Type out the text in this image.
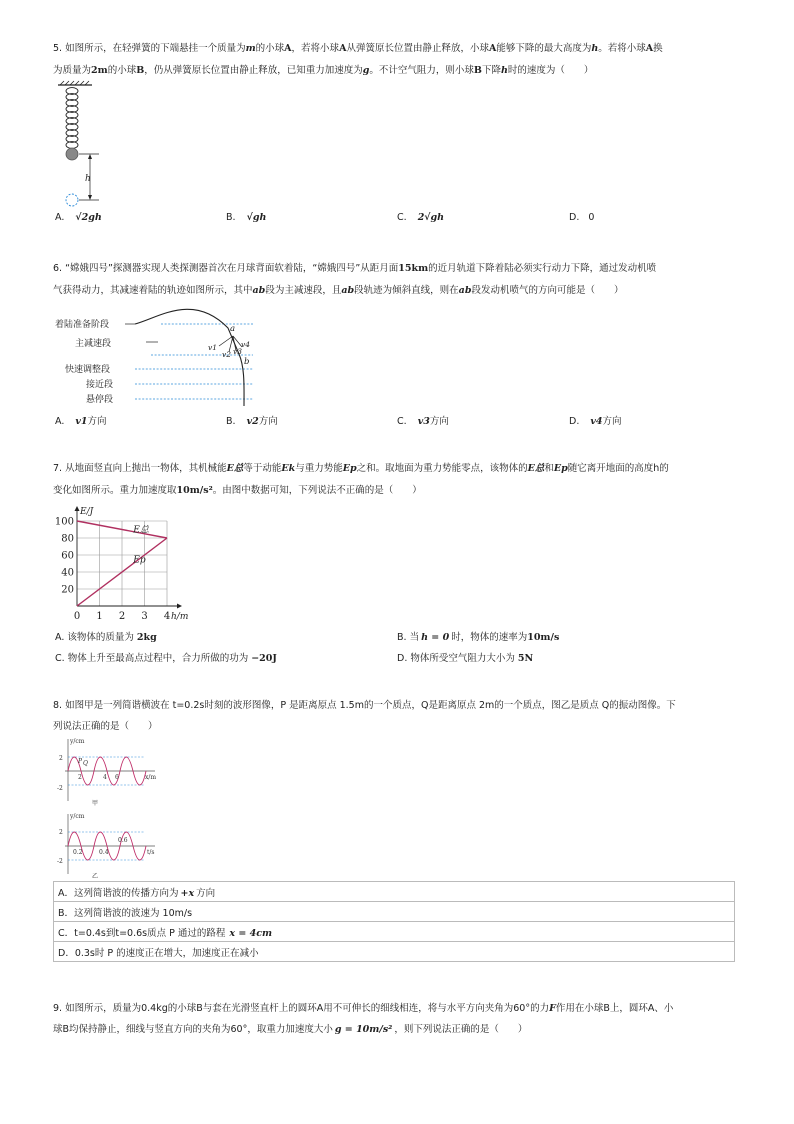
5. 如图所示，在轻弹簧的下端悬挂一个质量为m的小球A，若将小球A从弹簧原长位置由静止释放，小球A能够下降的最大高度为h。若将小球A换
为质量为2m的小球B，仍从弹簧原长位置由静止释放，已知重力加速度为g。不计空气阻力，则小球B下降h时的速度为（　　）
h
A. √2gh	B. √gh	C. 2√gh	D. 0
6. “嫦娥四号”探测器实现人类探测器首次在月球背面软着陆，“嫦娥四号”从距月面15km的近月轨道下降着陆必须实行动力下降，通过发动机喷
气获得动力，其减速着陆的轨迹如图所示，其中ab段为主减速段，且ab段轨迹为倾斜直线，则在ab段发动机喷气的方向可能是（　　）
着陆准备阶段
主减速段
快速调整段
接近段
悬停段
a
b
v1
v2 v3
v4
A. v1方向	B. v2方向	C. v3方向	D. v4方向
7. 从地面竖直向上抛出一物体，其机械能E总等于动能Ek与重力势能Ep之和。取地面为重力势能零点，该物体的E总和Ep随它离开地面的高度h的
变化如图所示。重力加速度取10m/s²。由图中数据可知，下列说法不正确的是（　　）
E/J
h/m
0 1 2 3 4
20
40
60
80
100
E总
Ep
A. 该物体的质量为 2kg	B. 当 h = 0 时，物体的速率为10m/s
C. 物体上升至最高点过程中，合力所做的功为 −20J	D. 物体所受空气阻力大小为 5N
8. 如图甲是一列简谐横波在 t=0.2s时刻的波形图像，P 是距离原点 1.5m的一个质点，Q是距离原点 2m的一个质点，图乙是质点 Q的振动图像。下
列说法正确的是（　　）
y/cm
x/m
2
-2
2	4 6
Q
P
甲
y/cm
t/s
2
-2
0.2	0.4
0.6
乙
A．这列简谐波的传播方向为 +x 方向
B．这列简谐波的波速为 10m/s
C．t=0.4s到t=0.6s质点 P 通过的路程 x = 4cm
D．0.3s时 P 的速度正在增大，加速度正在减小
9. 如图所示，质量为0.4kg的小球B与套在光滑竖直杆上的圆环A用不可伸长的细线相连，将与水平方向夹角为60°的力F作用在小球B上，圆环A、小
球B均保持静止，细线与竖直方向的夹角为60°，取重力加速度大小 g = 10m/s² ，则下列说法正确的是（　　）
